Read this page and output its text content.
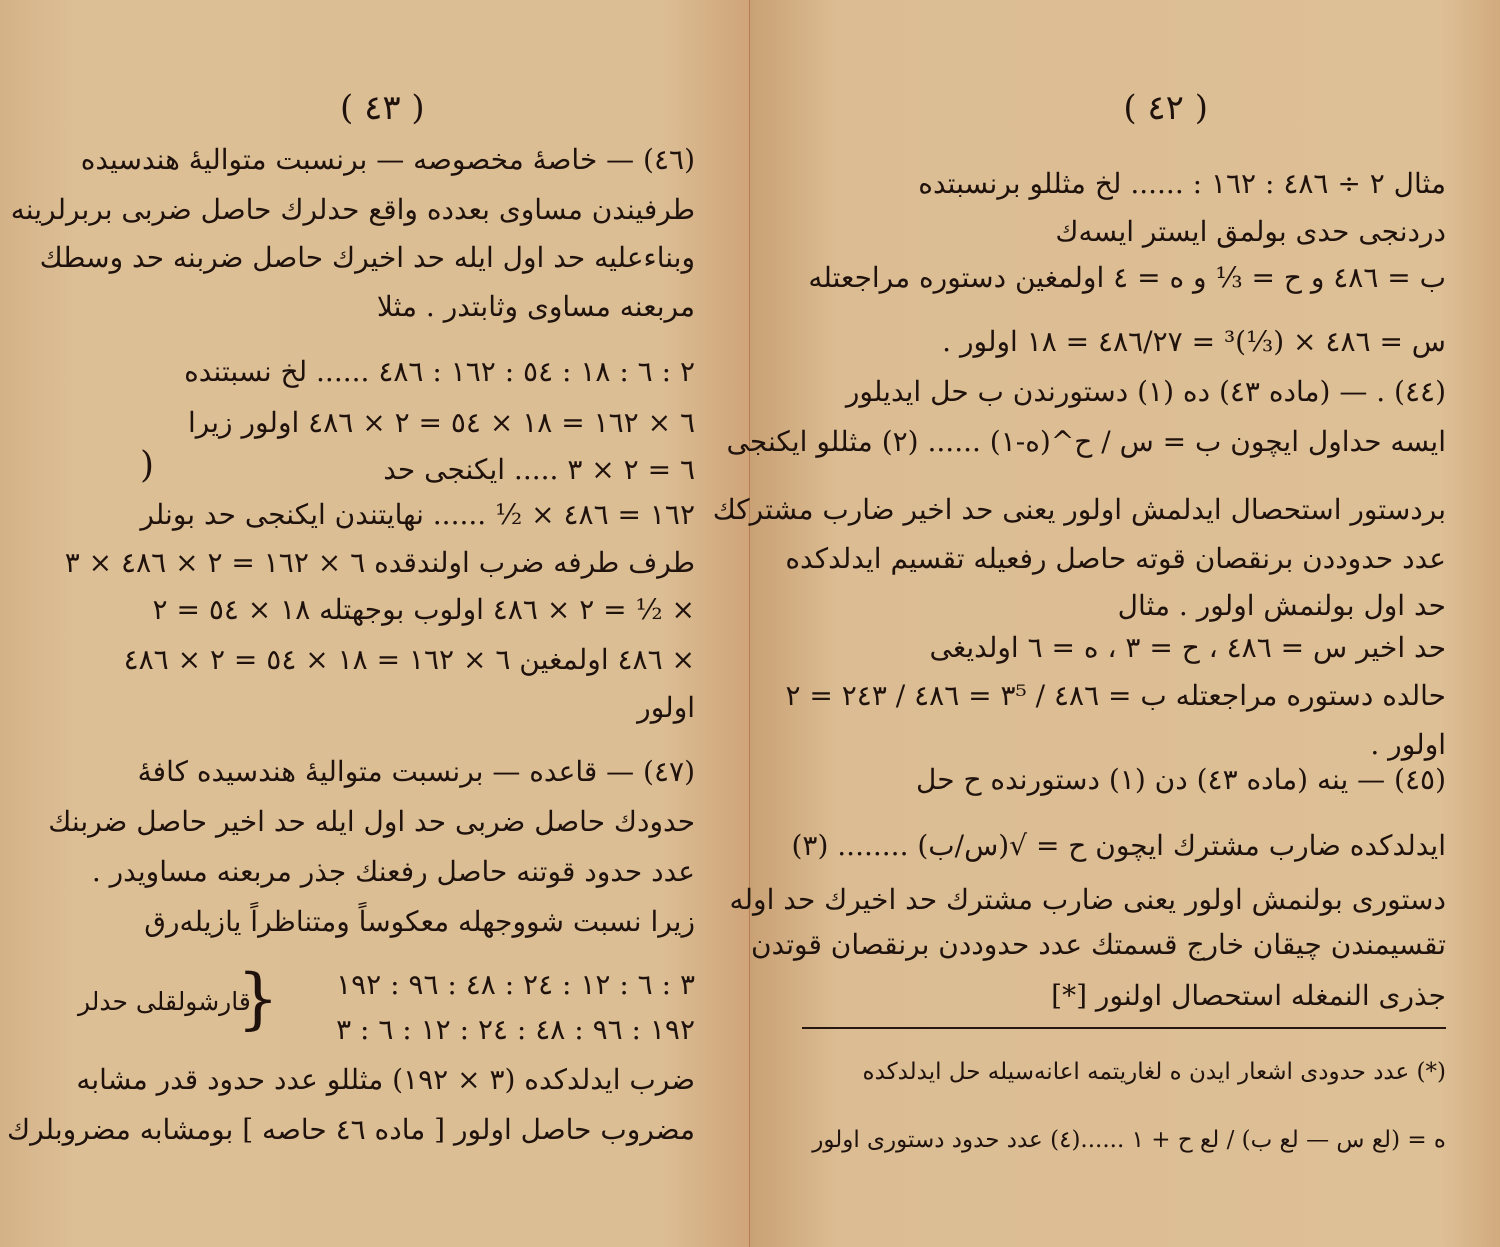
( ٤٣ )
(٤٦) — خاصهٔ مخصوصه — برنسبت متوالیهٔ هندسیده
طرفیندن مساوی بعدده واقع حدلرك حاصل ضربی بربرلرینه
وبناءعلیه حد اول ایله حد اخیرك حاصل ضربنه حد وسطك
مربعنه مساوی وثابتدر . مثلا
٢ : ٦ : ١٨ : ٥٤ : ١٦٢ : ٤٨٦ ...... لخ نسبتنده
٦ × ١٦٢ = ١٨ × ٥٤ = ٢ × ٤٨٦ اولور زیرا
)	٦ = ٢ × ٣ ..... ایکنجی حد
١٦٢ = ٤٨٦ × ½ ...... نهایتندن ایکنجی حد بونلر
طرف طرفه ضرب اولندقده ٦ × ١٦٢ = ٢ × ٤٨٦ × ٣
× ½ = ٢ × ٤٨٦ اولوب بوجهتله ١٨ × ٥٤ = ٢
× ٤٨٦ اولمغین ٦ × ١٦٢ = ١٨ × ٥٤ = ٢ × ٤٨٦
اولور
(٤٧) — قاعده — برنسبت متوالیهٔ هندسیده کافهٔ
حدودك حاصل ضربی حد اول ایله حد اخیر حاصل ضربنك
عدد حدود قوتنه حاصل رفعنك جذر مربعنه مساویدر .
زیرا نسبت شووجهله معکوساً ومتناظراً یازیله‌رق
٣ : ٦ : ١٢ : ٢٤ : ٤٨ : ٩٦ : ١٩٢
١٩٢ : ٩٦ : ٤٨ : ٢٤ : ١٢ : ٦ : ٣
}
قارشولقلی حدلر
ضرب ایدلدکده (٣ × ١٩٢) مثللو عدد حدود قدر مشابه
مضروب حاصل اولور [ ماده ٤٦ حاصه ] بومشابه مضروبلرك
( ٤٢ )
مثال ٢ ÷ ٤٨٦ : ١٦٢ : ...... لخ مثللو برنسبتده
دردنجی حدی بولمق ایستر ایسه‌ك
ب = ٤٨٦ و ح = ⅓ و ه = ٤ اولمغین دستوره مراجعتله
س = ٤٨٦ × (⅓)³ = ٤٨٦/٢٧ = ١٨ اولور .
(٤٤) . — (ماده ٤٣) ده (١) دستورندن ب حل ایدیلور
ایسه حداول ایچون ب = س / ح^(ه-١) ...... (٢) مثللو ایکنجی
بردستور استحصال ایدلمش اولور یعنی حد اخیر ضارب مشترکك
عدد حدوددن برنقصان قوته حاصل رفعیله تقسیم ایدلدکده
حد اول بولنمش اولور . مثال
حد اخیر س = ٤٨٦ ، ح = ٣ ، ه = ٦ اولدیغی
حالده دستوره مراجعتله ب = ٤٨٦ / ٣⁵ = ٤٨٦ / ٢٤٣ = ٢
اولور .
(٤٥) — ینه (ماده ٤٣) دن (١) دستورنده ح حل
ایدلدکده ضارب مشترك ایچون ح = √(س/ب) ........ (٣)
دستوری بولنمش اولور یعنی ضارب مشترك حد اخیرك حد اوله
تقسیمندن چیقان خارج قسمتك عدد حدوددن برنقصان قوتدن
جذری النمغله استحصال اولنور [*]
(*) عدد حدودی اشعار ایدن ه لغاریتمه اعانه‌سیله حل ایدلدکده
ه = (لع س — لع ب) / لع ح + ١ ......(٤) عدد حدود دستوری اولور
